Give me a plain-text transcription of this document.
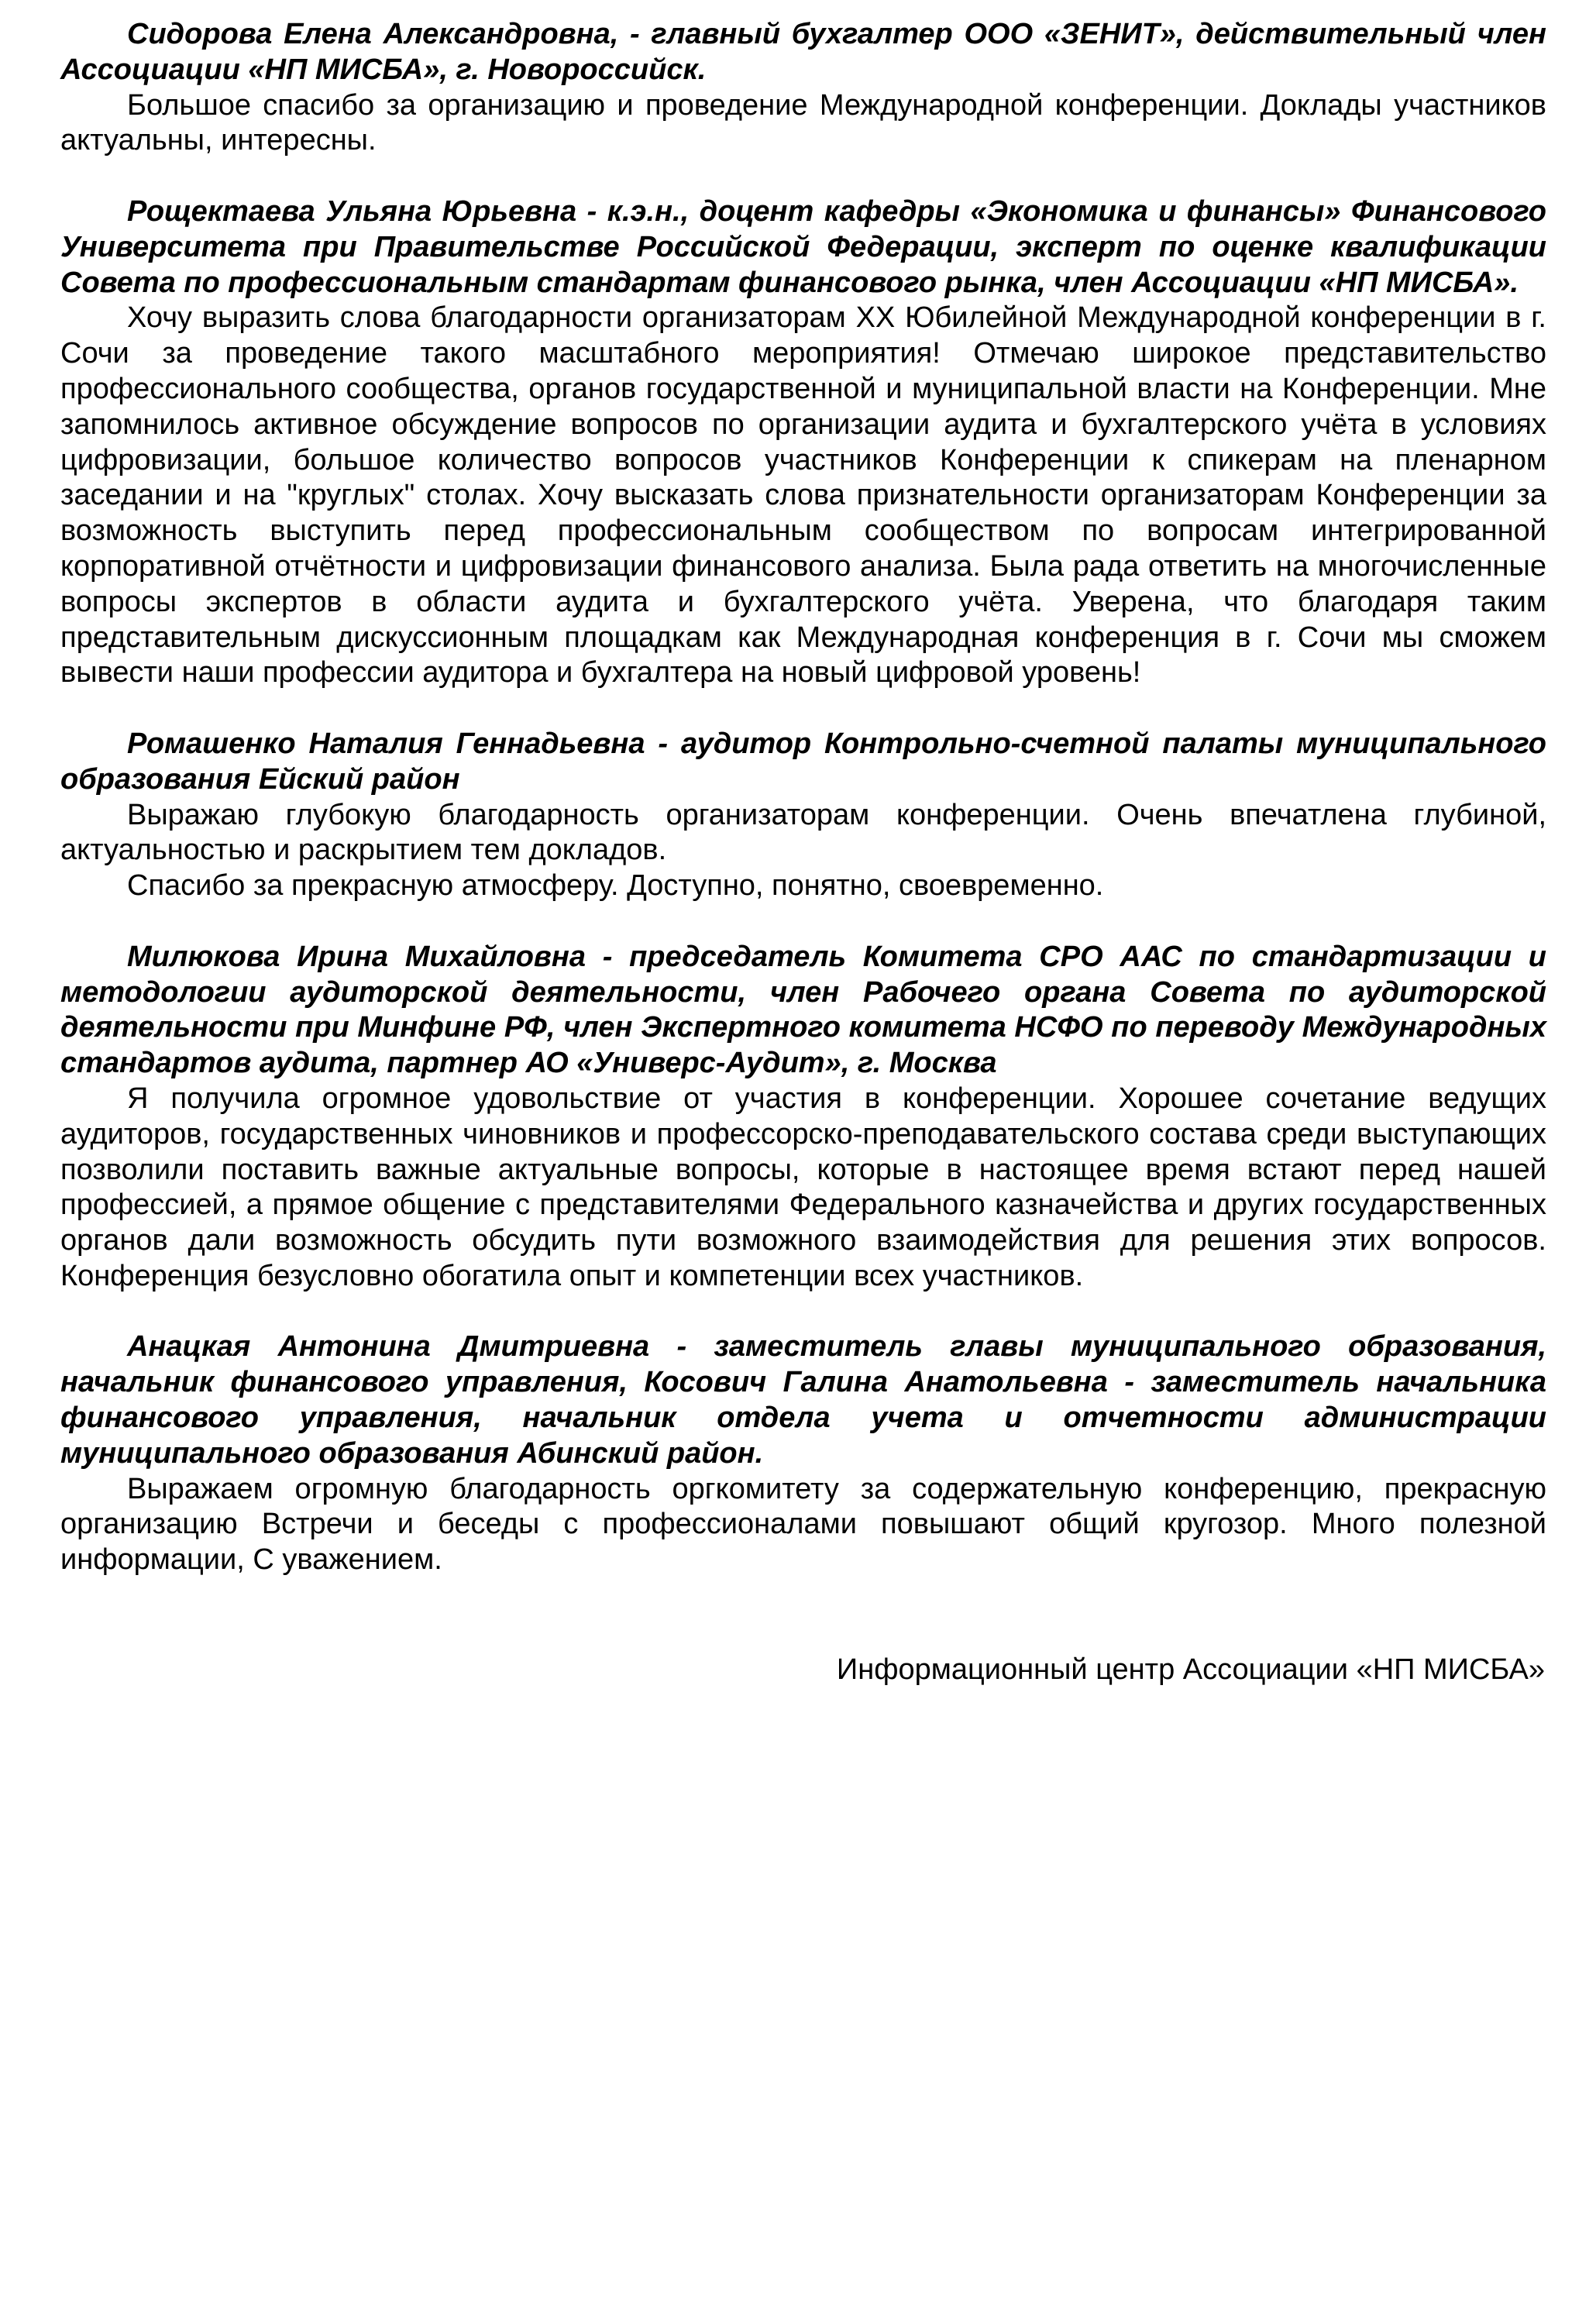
Сидорова Елена Александровна, - главный бухгалтер ООО «ЗЕНИТ», действительный член Ассоциации «НП МИСБА», г. Новороссийск.

Большое спасибо за организацию и проведение Международной конференции. Доклады участников актуальны, интересны.

Рощектаева Ульяна Юрьевна - к.э.н., доцент кафедры «Экономика и финансы» Финансового Университета при Правительстве Российской Федерации, эксперт по оценке квалификации Совета по профессиональным стандартам финансового рынка, член Ассоциации «НП МИСБА».

Хочу выразить слова благодарности организаторам XX Юбилейной Международной конференции в г. Сочи за проведение такого масштабного мероприятия! Отмечаю широкое представительство профессионального сообщества, органов государственной и муниципальной власти на Конференции. Мне запомнилось активное обсуждение вопросов по организации аудита и бухгалтерского учёта в условиях цифровизации, большое количество вопросов участников Конференции к спикерам на пленарном заседании и на "круглых" столах. Хочу высказать слова признательности организаторам Конференции за возможность выступить перед профессиональным сообществом по вопросам интегрированной корпоративной отчётности и цифровизации финансового анализа. Была рада ответить на многочисленные вопросы экспертов в области аудита и бухгалтерского учёта. Уверена, что благодаря таким представительным дискуссионным площадкам как Международная конференция в г. Сочи мы сможем вывести наши профессии аудитора и бухгалтера на новый цифровой уровень!

Ромашенко Наталия Геннадьевна - аудитор Контрольно-счетной палаты муниципального образования Ейский район

Выражаю глубокую благодарность организаторам конференции. Очень впечатлена глубиной, актуальностью и раскрытием тем докладов.

Спасибо за прекрасную атмосферу. Доступно, понятно, своевременно.

Милюкова Ирина Михайловна - председатель Комитета СРО ААС по стандартизации и методологии аудиторской деятельности, член Рабочего органа Совета по аудиторской деятельности при Минфине РФ, член Экспертного комитета НСФО по переводу Международных стандартов аудита, партнер АО «Универс-Аудит», г. Москва

Я получила огромное удовольствие от участия в конференции. Хорошее сочетание ведущих аудиторов, государственных чиновников и профессорско-преподавательского состава среди выступающих позволили поставить важные актуальные вопросы, которые в настоящее время встают перед нашей профессией, а прямое общение с представителями Федерального казначейства и других государственных органов дали возможность обсудить пути возможного взаимодействия для решения этих вопросов. Конференция безусловно обогатила опыт и компетенции всех участников.

Анацкая Антонина Дмитриевна - заместитель главы муниципального образования, начальник финансового управления, Косович Галина Анатольевна - заместитель начальника финансового управления, начальник отдела учета и отчетности администрации муниципального образования Абинский район.

Выражаем огромную благодарность оргкомитету за содержательную конференцию, прекрасную организацию Встречи и беседы с профессионалами повышают общий кругозор. Много полезной информации, С уважением.

Информационный центр Ассоциации «НП МИСБА»
